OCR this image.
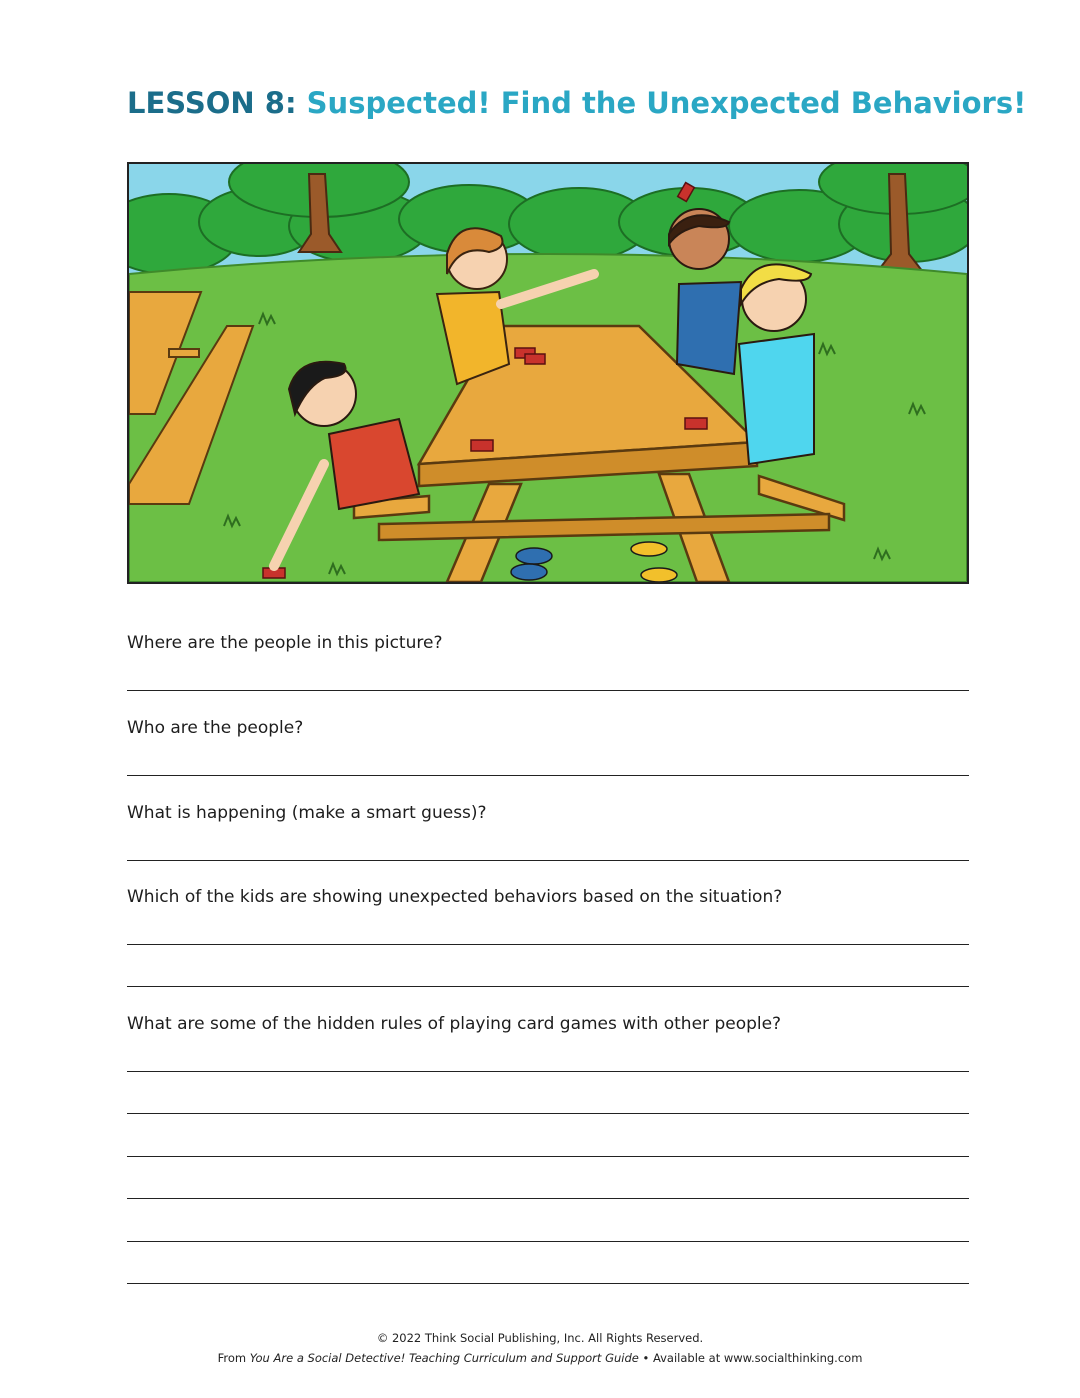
LESSON 8: Suspected! Find the Unexpected Behaviors!
Where are the people in this picture?
Who are the people?
What is happening (make a smart guess)?
Which of the kids are showing unexpected behaviors based on the situation?
What are some of the hidden rules of playing card games with other people?
© 2022 Think Social Publishing, Inc. All Rights Reserved.
From You Are a Social Detective! Teaching Curriculum and Support Guide • Available at www.socialthinking.com
